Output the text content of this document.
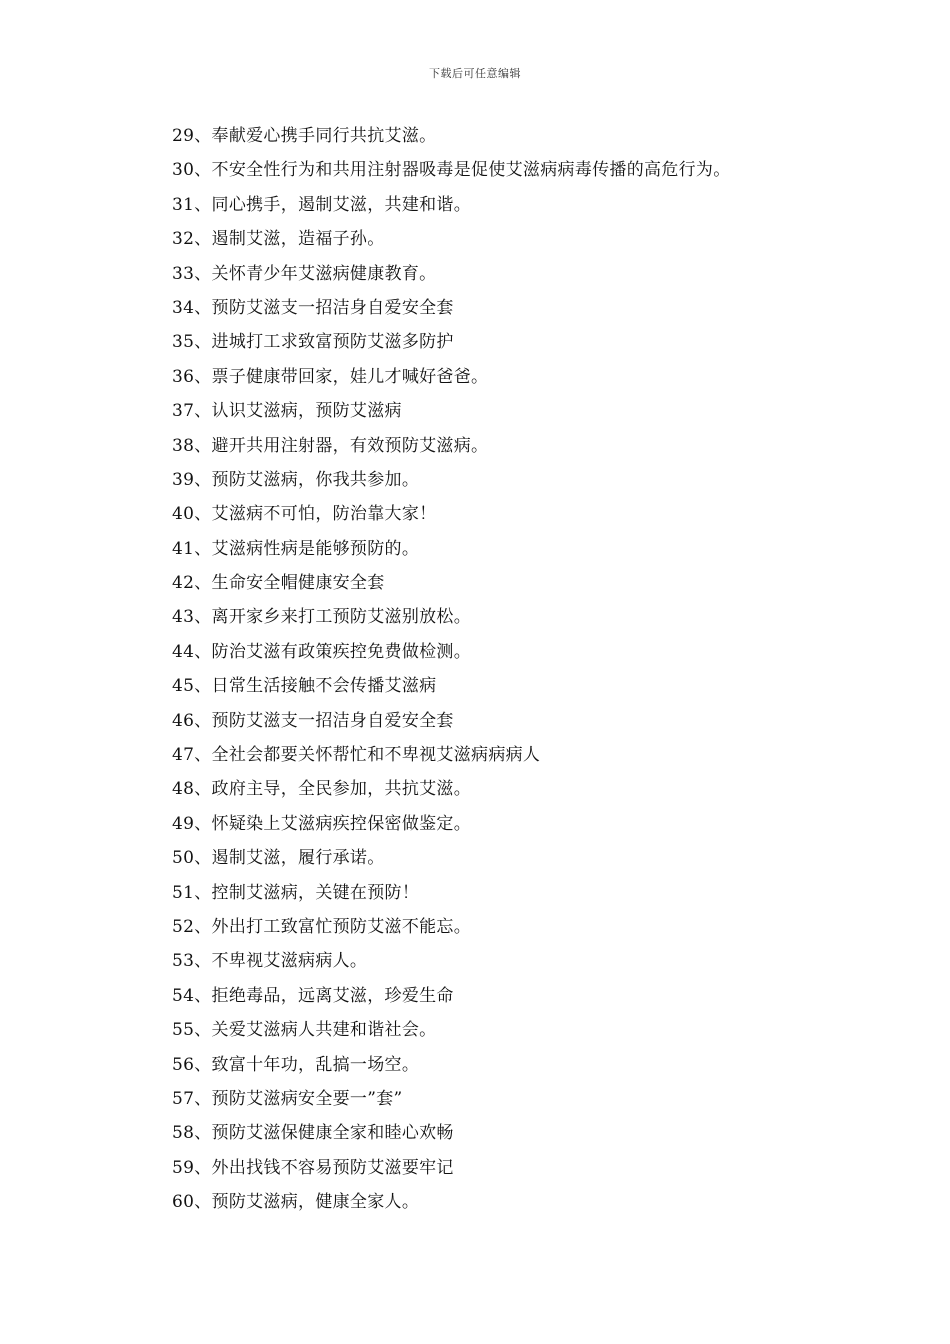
下载后可任意编辑
29、奉献爱心携手同行共抗艾滋。
30、不安全性行为和共用注射器吸毒是促使艾滋病病毒传播的高危行为。
31、同心携手，遏制艾滋，共建和谐。
32、遏制艾滋，造福子孙。
33、关怀青少年艾滋病健康教育。
34、预防艾滋支一招洁身自爱安全套
35、进城打工求致富预防艾滋多防护
36、票子健康带回家，娃儿才喊好爸爸。
37、认识艾滋病，预防艾滋病
38、避开共用注射器，有效预防艾滋病。
39、预防艾滋病，你我共参加。
40、艾滋病不可怕，防治靠大家！
41、艾滋病性病是能够预防的。
42、生命安全帽健康安全套
43、离开家乡来打工预防艾滋别放松。
44、防治艾滋有政策疾控免费做检测。
45、日常生活接触不会传播艾滋病
46、预防艾滋支一招洁身自爱安全套
47、全社会都要关怀帮忙和不卑视艾滋病病病人
48、政府主导，全民参加，共抗艾滋。
49、怀疑染上艾滋病疾控保密做鉴定。
50、遏制艾滋，履行承诺。
51、控制艾滋病，关键在预防！
52、外出打工致富忙预防艾滋不能忘。
53、不卑视艾滋病病人。
54、拒绝毒品，远离艾滋，珍爱生命
55、关爱艾滋病人共建和谐社会。
56、致富十年功，乱搞一场空。
57、预防艾滋病安全要一”套”
58、预防艾滋保健康全家和睦心欢畅
59、外出找钱不容易预防艾滋要牢记
60、预防艾滋病，健康全家人。
